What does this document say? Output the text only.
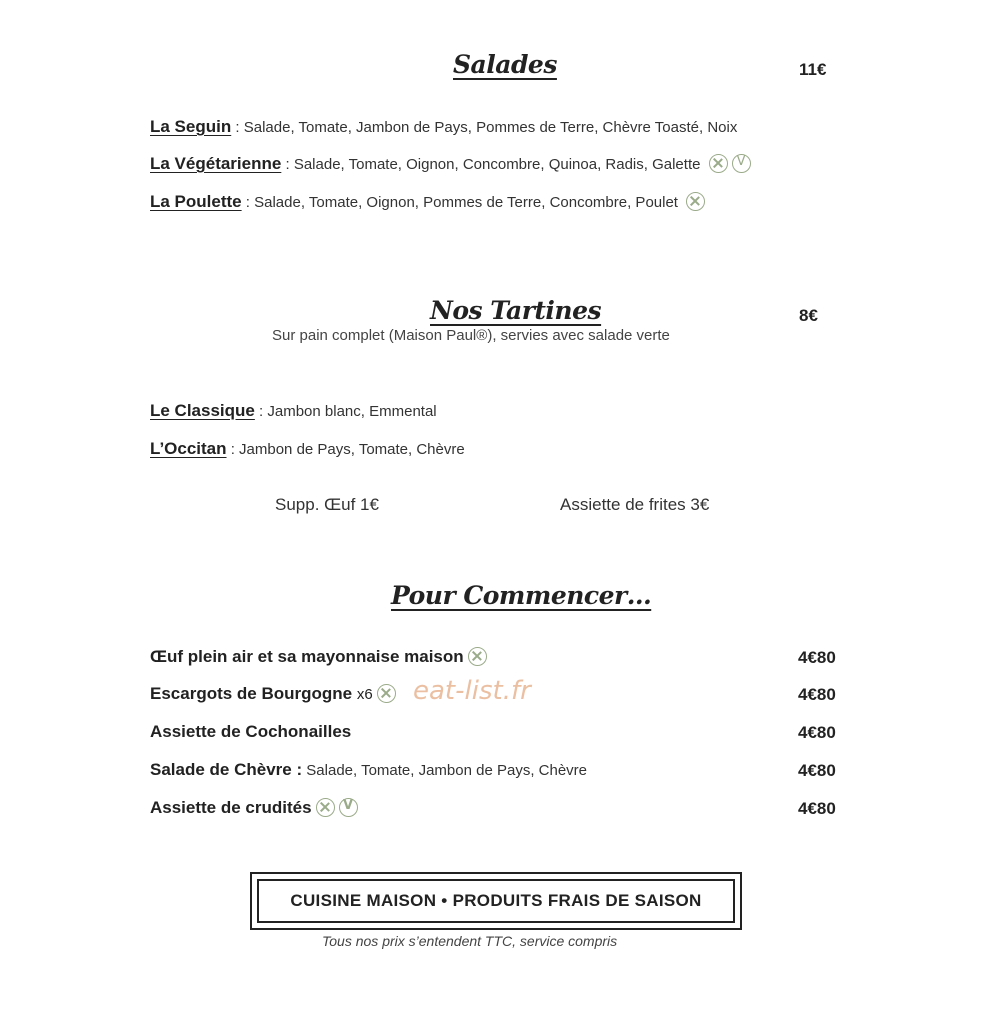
Salades	11€
La Seguin : Salade, Tomate, Jambon de Pays, Pommes de Terre, Chèvre Toasté, Noix
La Végétarienne : Salade, Tomate, Oignon, Concombre, Quinoa, Radis, Galette V
La Poulette : Salade, Tomate, Oignon, Pommes de Terre, Concombre, Poulet
Nos Tartines	8€
Sur pain complet (Maison Paul®), servies avec salade verte
Le Classique : Jambon blanc, Emmental
L’Occitan : Jambon de Pays, Tomate, Chèvre
Supp. Œuf 1€	Assiette de frites 3€
Pour Commencer…
Œuf plein air et sa mayonnaise maison	4€80
Escargots de Bourgogne x6	4€80
Assiette de Cochonailles	4€80
Salade de Chèvre : Salade, Tomate, Jambon de Pays, Chèvre	4€80
Assiette de cruditésV	4€80
CUISINE MAISON • PRODUITS FRAIS DE SAISON
Tous nos prix s’entendent TTC, service compris
eat-list.fr
